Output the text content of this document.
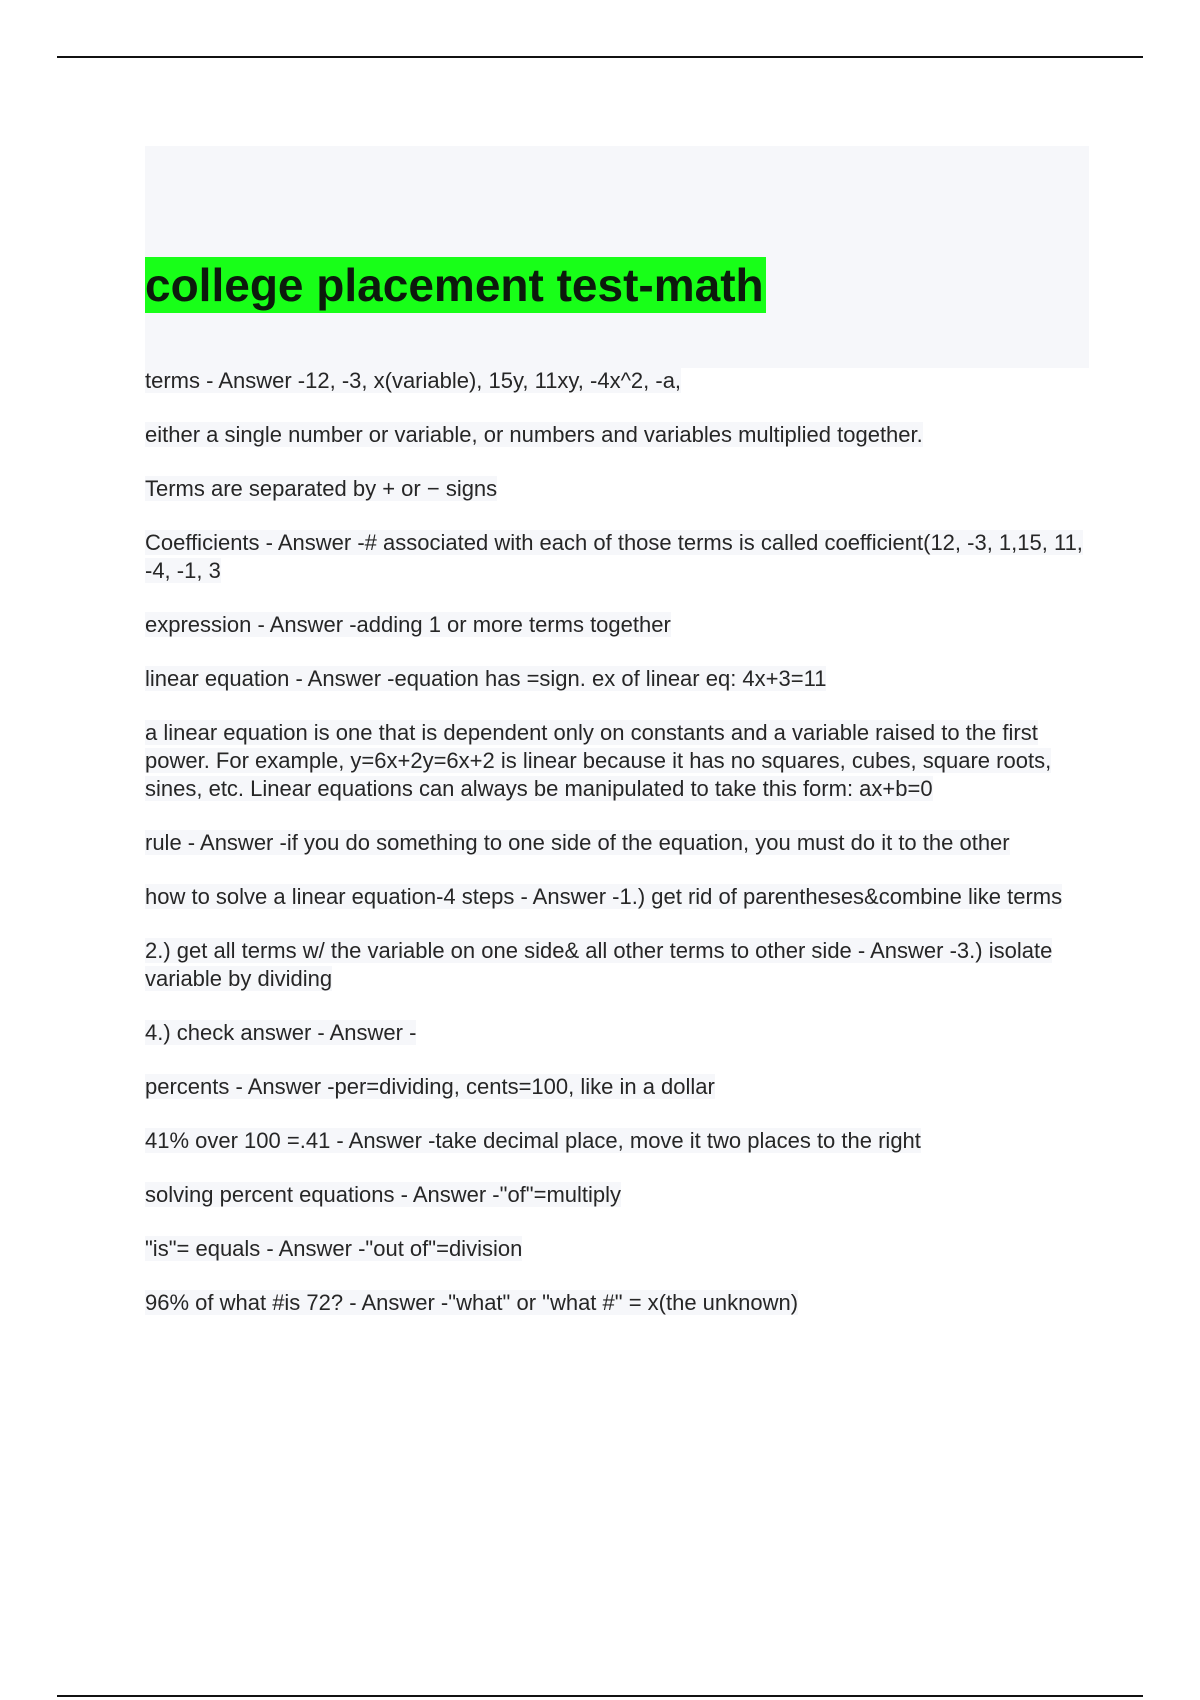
college placement test-math

terms - Answer -12, -3, x(variable), 15y, 11xy, -4x^2, -a,

either a single number or variable, or numbers and variables multiplied together.

Terms are separated by + or − signs

Coefficients - Answer -# associated with each of those terms is called coefficient(12, -3, 1,15, 11, -4, -1, 3

expression - Answer -adding 1 or more terms together

linear equation - Answer -equation has =sign. ex of linear eq: 4x+3=11

a linear equation is one that is dependent only on constants and a variable raised to the first power. For example, y=6x+2y=6x+2 is linear because it has no squares, cubes, square roots, sines, etc. Linear equations can always be manipulated to take this form: ax+b=0

rule - Answer -if you do something to one side of the equation, you must do it to the other

how to solve a linear equation-4 steps - Answer -1.) get rid of parentheses&combine like terms

2.) get all terms w/ the variable on one side& all other terms to other side - Answer -3.) isolate variable by dividing

4.) check answer - Answer -

percents - Answer -per=dividing, cents=100, like in a dollar

41% over 100 =.41 - Answer -take decimal place, move it two places to the right

solving percent equations - Answer -"of"=multiply

"is"= equals - Answer -"out of"=division

96% of what #is 72? - Answer -"what" or "what #" = x(the unknown)
